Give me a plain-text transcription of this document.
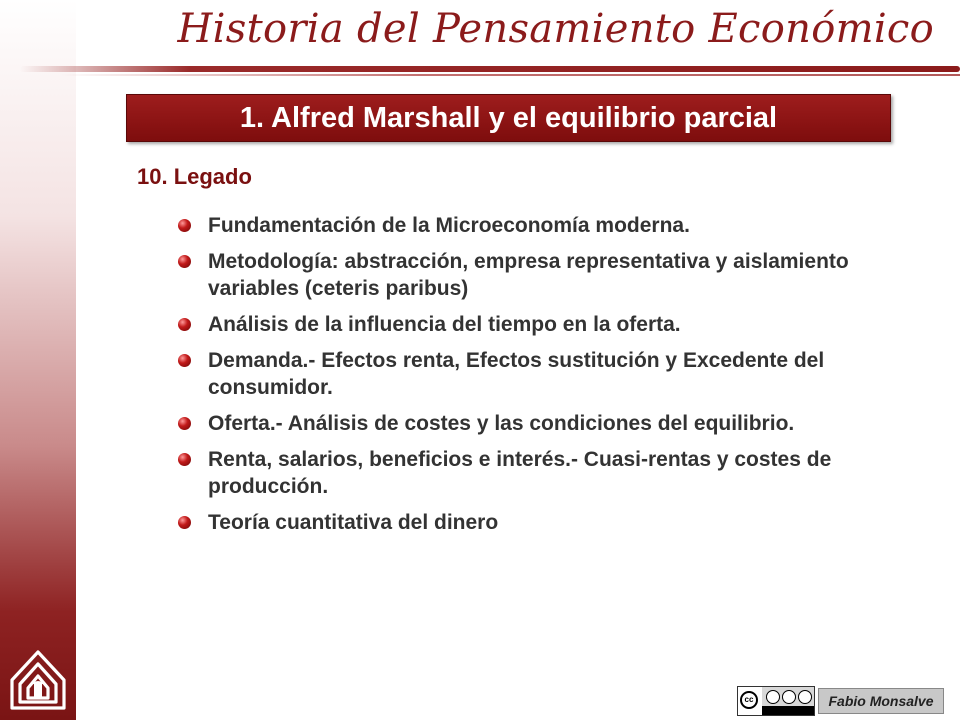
Historia del Pensamiento Económico
1. Alfred Marshall y el equilibrio parcial
10. Legado
Fundamentación de la Microeconomía moderna.
Metodología: abstracción, empresa representativa y aislamiento variables (ceteris paribus)
Análisis de la influencia del tiempo en la oferta.
Demanda.- Efectos renta, Efectos sustitución y Excedente del consumidor.
Oferta.- Análisis de costes y las condiciones del equilibrio.
Renta, salarios, beneficios e interés.- Cuasi-rentas y costes de producción.
Teoría cuantitativa del dinero
cc	Fabio Monsalve
